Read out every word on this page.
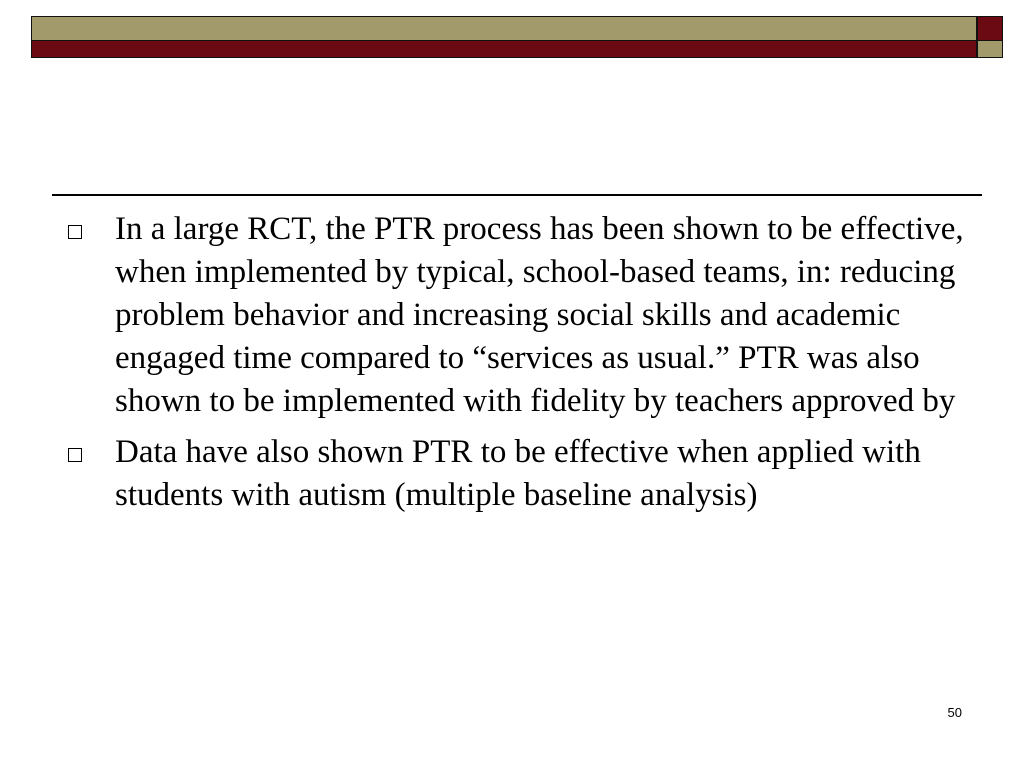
In a large RCT, the PTR process has been shown to be effective, when implemented by typical, school-based teams, in: reducing problem behavior and increasing social skills and academic engaged time compared to “services as usual.” PTR was also shown to be implemented with fidelity by teachers approved by
Data have also shown PTR to be effective when applied with students with autism (multiple baseline analysis)
50
